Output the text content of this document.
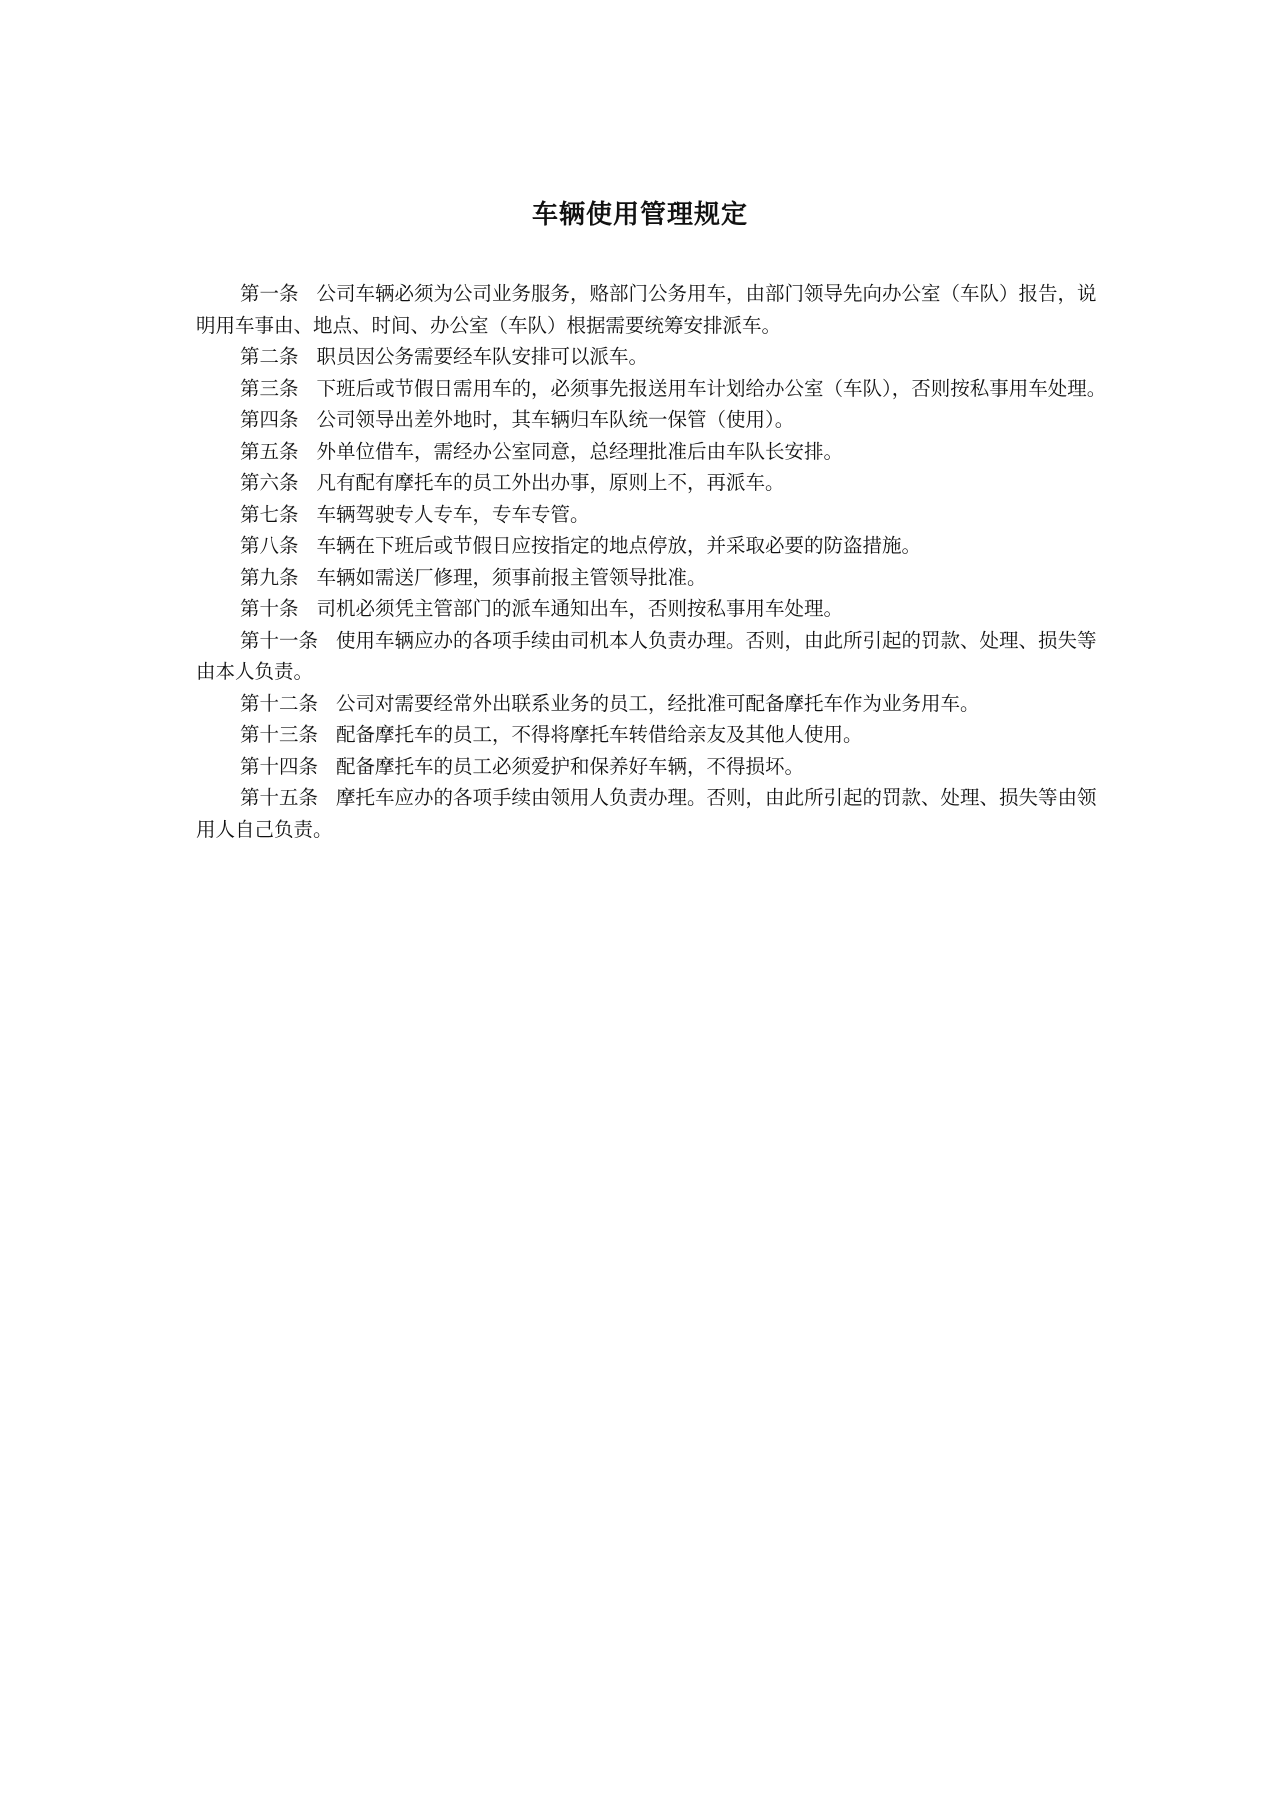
车辆使用管理规定

第一条 公司车辆必须为公司业务服务，赂部门公务用车，由部门领导先向办公室（车队）报告，说明用车事由、地点、时间、办公室（车队）根据需要统筹安排派车。

第二条 职员因公务需要经车队安排可以派车。

第三条 下班后或节假日需用车的，必须事先报送用车计划给办公室（车队），否则按私事用车处理。

第四条 公司领导出差外地时，其车辆归车队统一保管（使用）。

第五条 外单位借车，需经办公室同意，总经理批准后由车队长安排。

第六条 凡有配有摩托车的员工外出办事，原则上不，再派车。

第七条 车辆驾驶专人专车，专车专管。

第八条 车辆在下班后或节假日应按指定的地点停放，并采取必要的防盗措施。

第九条 车辆如需送厂修理，须事前报主管领导批准。

第十条 司机必须凭主管部门的派车通知出车，否则按私事用车处理。

第十一条 使用车辆应办的各项手续由司机本人负责办理。否则，由此所引起的罚款、处理、损失等由本人负责。

第十二条 公司对需要经常外出联系业务的员工，经批准可配备摩托车作为业务用车。

第十三条 配备摩托车的员工，不得将摩托车转借给亲友及其他人使用。

第十四条 配备摩托车的员工必须爱护和保养好车辆，不得损坏。

第十五条 摩托车应办的各项手续由领用人负责办理。否则，由此所引起的罚款、处理、损失等由领用人自己负责。
